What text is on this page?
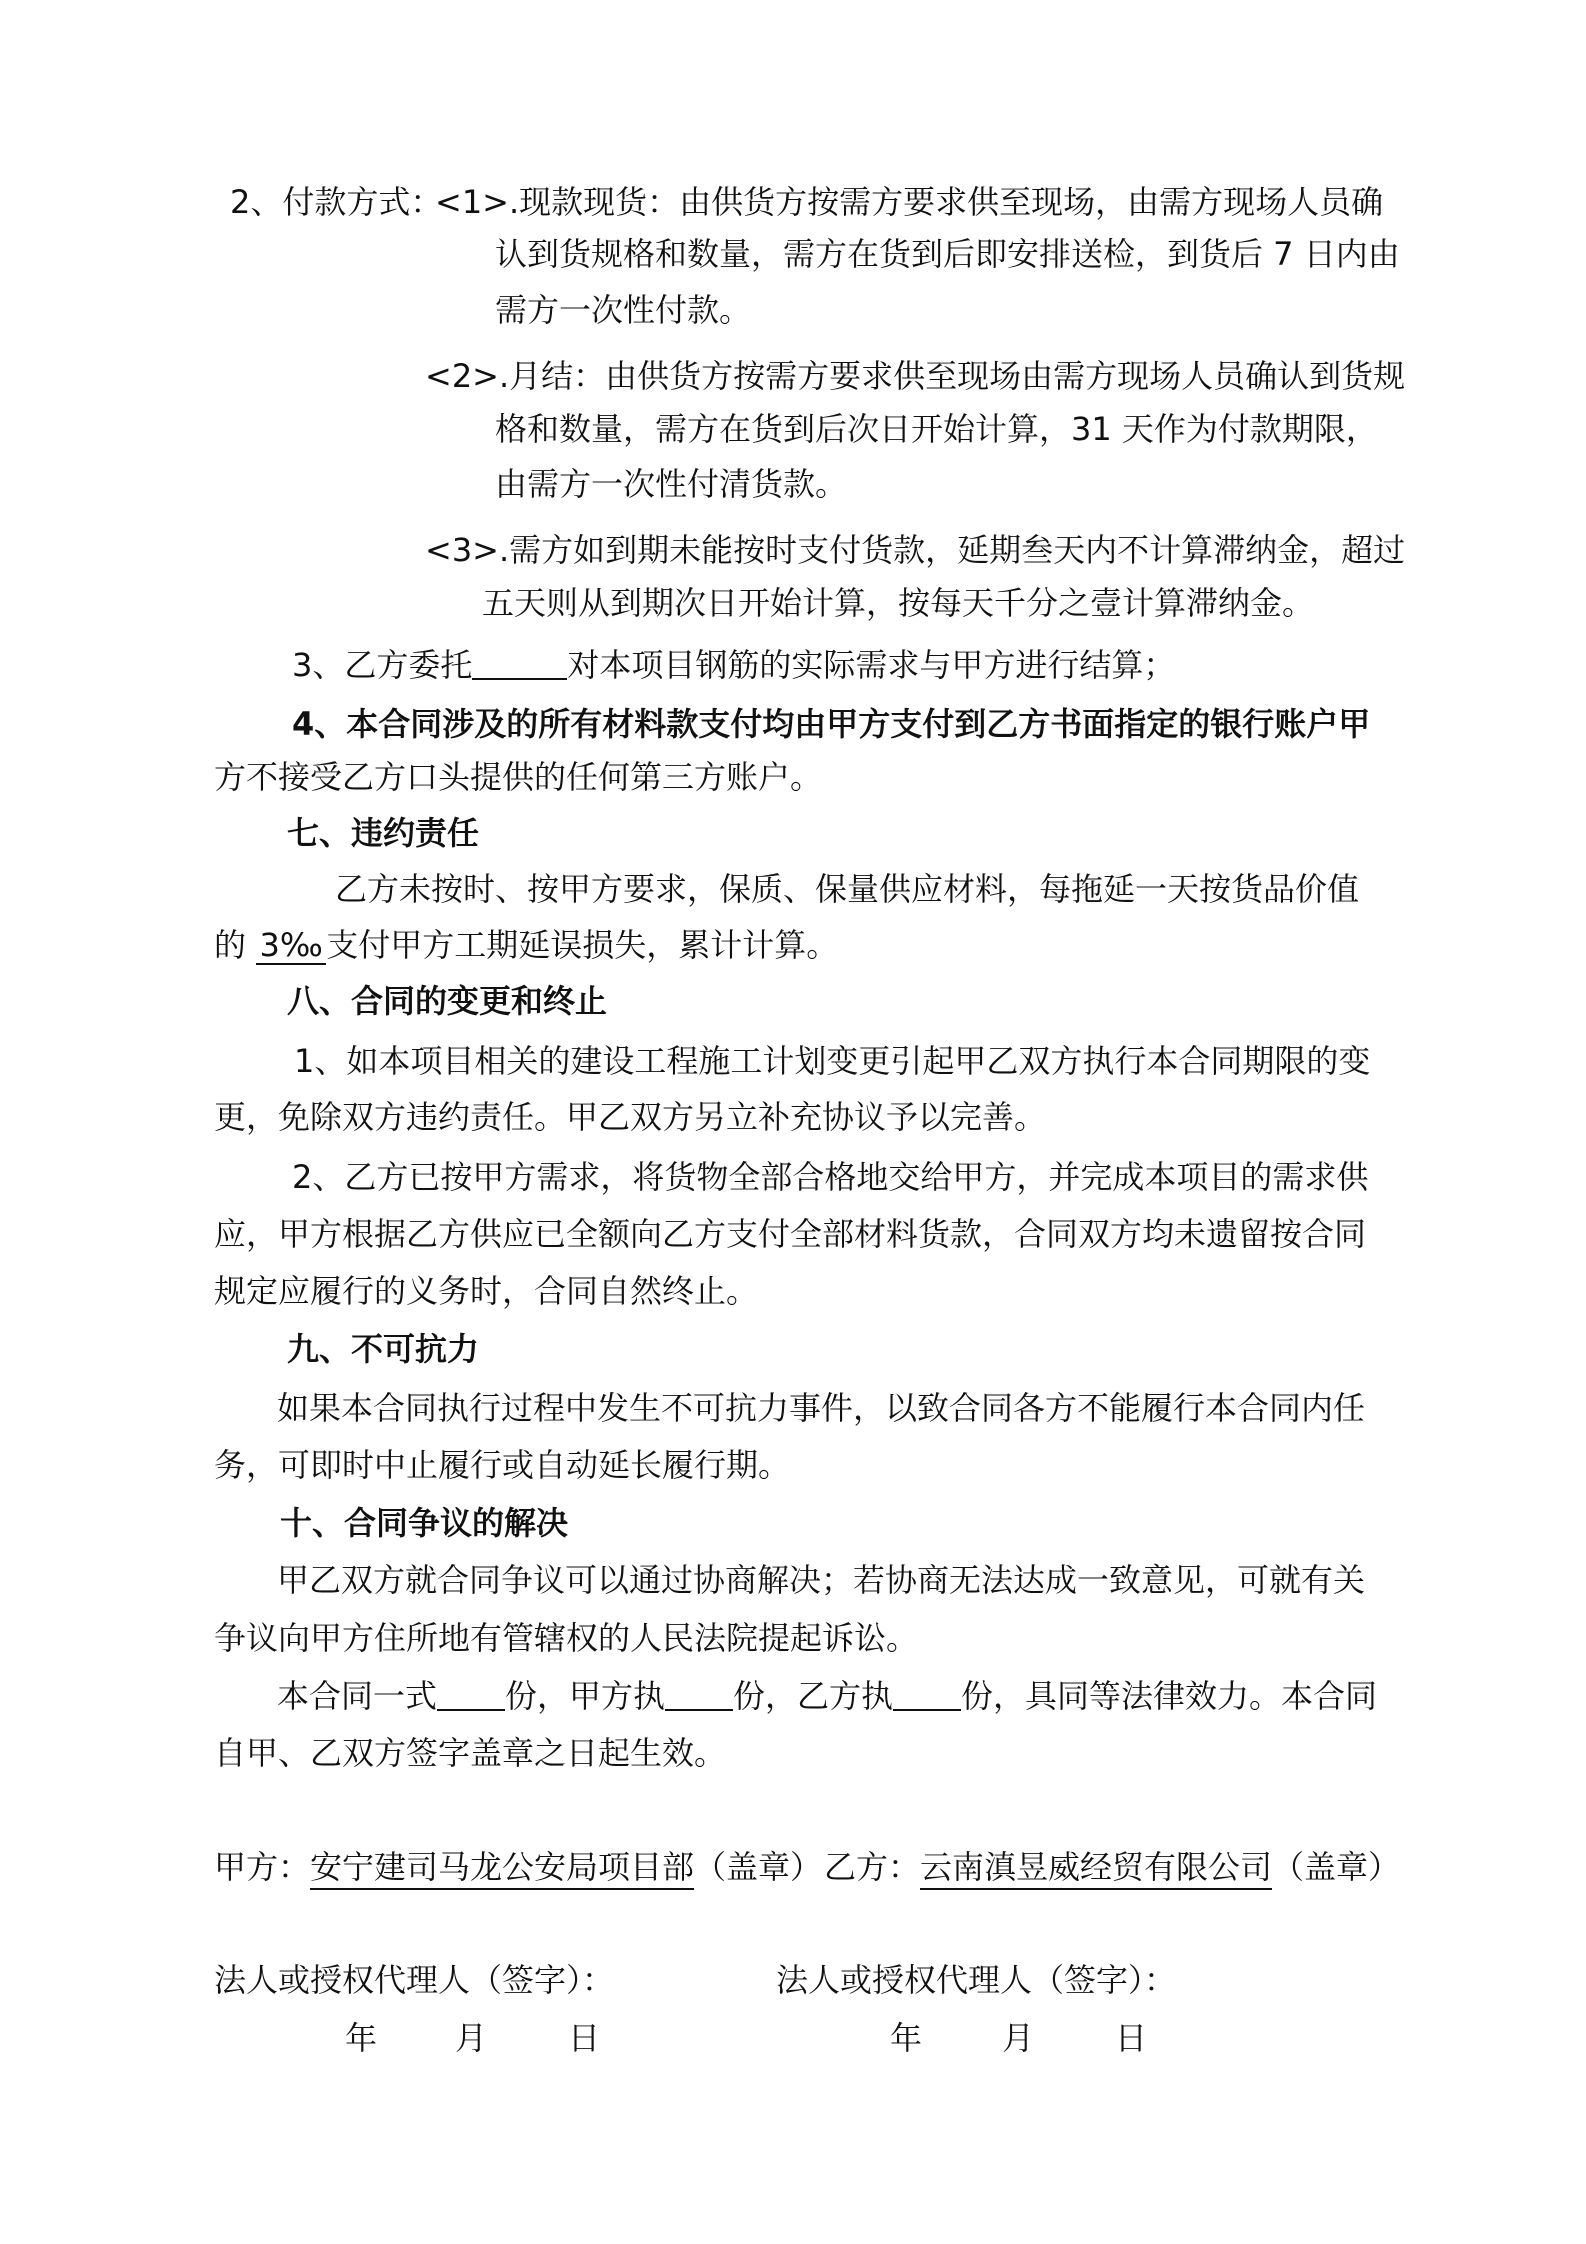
2、付款方式：
<1>.现款现货：由供货方按需方要求供至现场，由需方现场人员确
认到货规格和数量，需方在货到后即安排送检，到货后 7 日内由
需方一次性付款。
<2>.月结：由供货方按需方要求供至现场由需方现场人员确认到货规
格和数量，需方在货到后次日开始计算，31 天作为付款期限，
由需方一次性付清货款。
<3>.需方如到期未能按时支付货款，延期叁天内不计算滞纳金，超过
五天则从到期次日开始计算，按每天千分之壹计算滞纳金。
3、乙方委托	对本项目钢筋的实际需求与甲方进行结算；
4、本合同涉及的所有材料款支付均由甲方支付到乙方书面指定的银行账户甲
方不接受乙方口头提供的任何第三方账户。
七、违约责任
乙方未按时、按甲方要求，保质、保量供应材料，每拖延一天按货品价值
的 3‰ 支付甲方工期延误损失，累计计算。
八、合同的变更和终止
1、如本项目相关的建设工程施工计划变更引起甲乙双方执行本合同期限的变
更，免除双方违约责任。甲乙双方另立补充协议予以完善。
2、乙方已按甲方需求，将货物全部合格地交给甲方，并完成本项目的需求供
应，甲方根据乙方供应已全额向乙方支付全部材料货款，合同双方均未遗留按合同
规定应履行的义务时，合同自然终止。
九、不可抗力
如果本合同执行过程中发生不可抗力事件，以致合同各方不能履行本合同内任
务，可即时中止履行或自动延长履行期。
十、合同争议的解决
甲乙双方就合同争议可以通过协商解决；若协商无法达成一致意见，可就有关
争议向甲方住所地有管辖权的人民法院提起诉讼。
本合同一式 份，甲方执 份，乙方执 份，具同等法律效力。本合同
自甲、乙双方签字盖章之日起生效。
甲方：安宁建司马龙公安局项目部（盖章） 乙方：云南滇昱威经贸有限公司（盖章）
法人或授权代理人（签字）：	法人或授权代理人（签字）：
年 月	日	年 月	日
